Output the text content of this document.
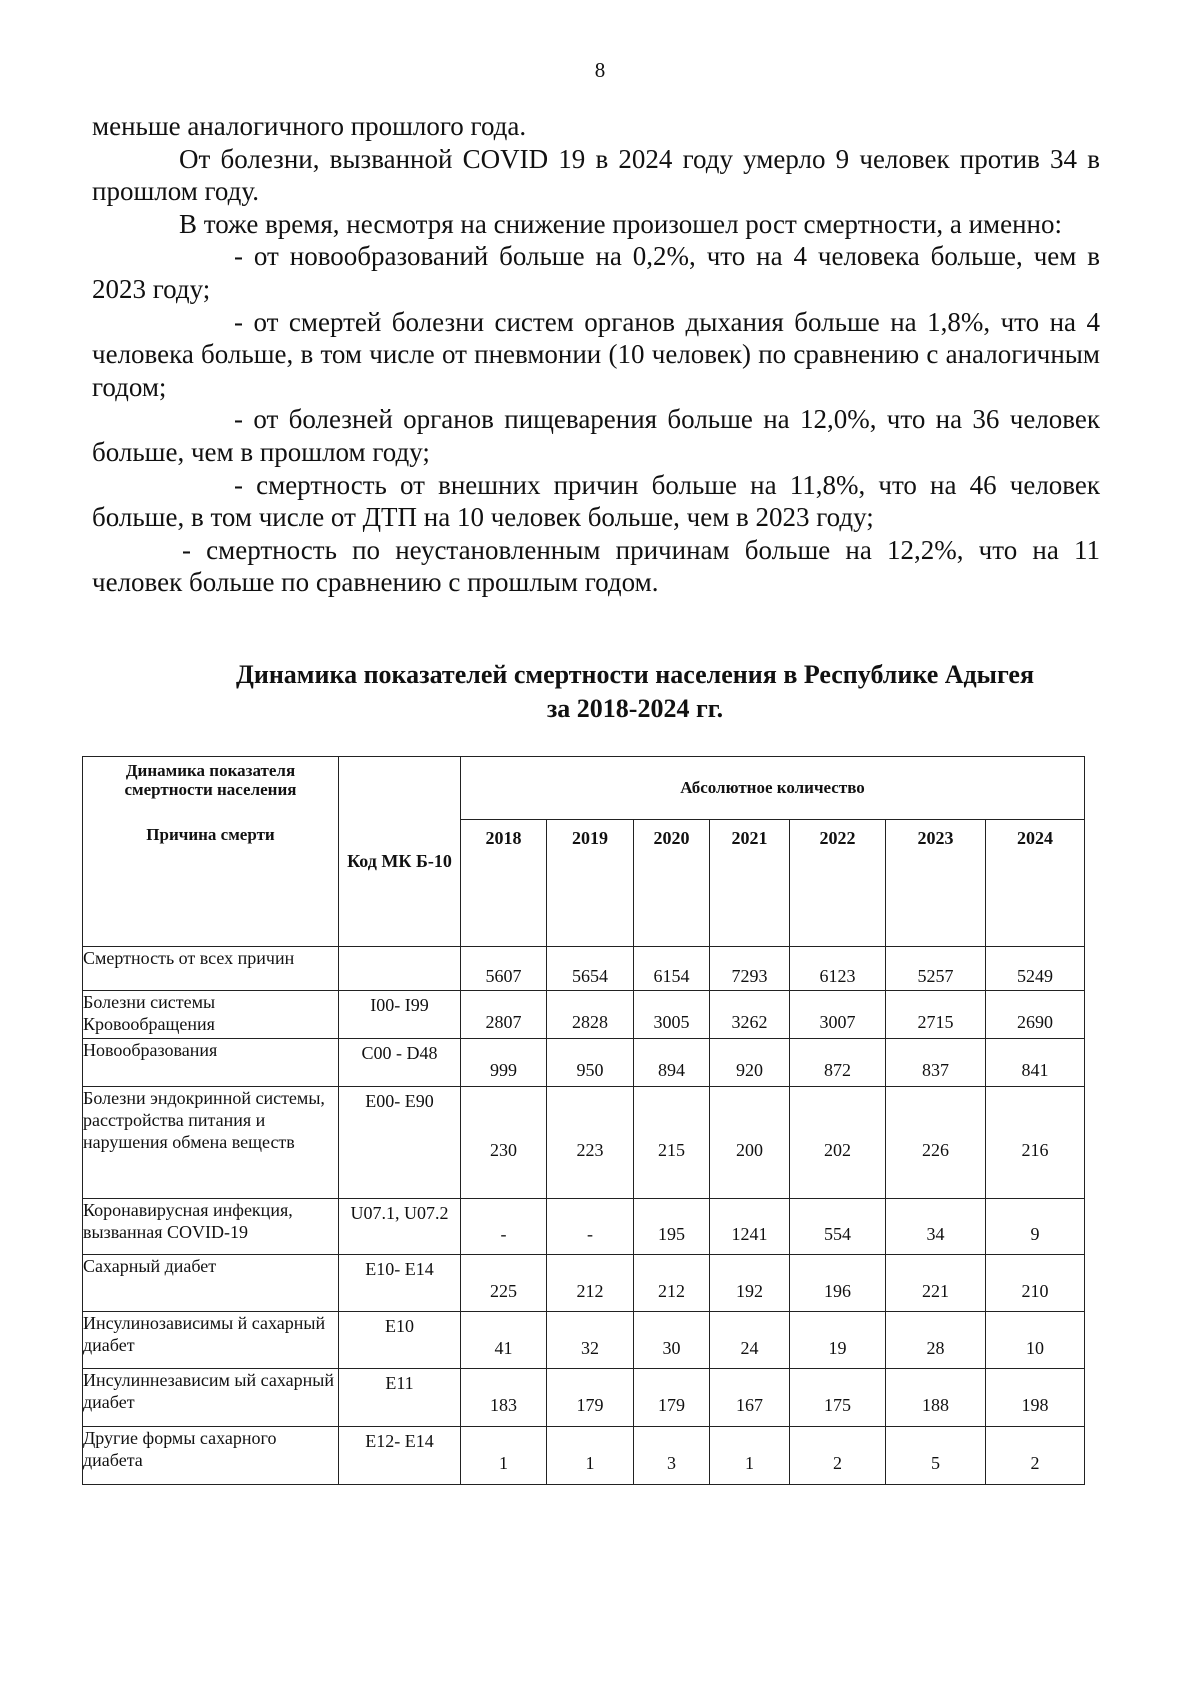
8

меньше аналогичного прошлого года.

От болезни, вызванной COVID 19 в 2024 году умерло 9 человек против 34 в прошлом году.

В тоже время, несмотря на снижение произошел рост смертности, а именно:

- от новообразований больше на 0,2%, что на 4 человека больше, чем в 2023 году;

- от смертей болезни систем органов дыхания больше на 1,8%, что на 4 человека больше, в том числе от пневмонии (10 человек) по сравнению с аналогичным годом;

- от болезней органов пищеварения больше на 12,0%, что на 36 человек больше, чем в прошлом году;

- смертность от внешних причин больше на 11,8%, что на 46 человек больше, в том числе от ДТП на 10 человек больше, чем в 2023 году;

- смертность по неустановленным причинам больше на 12,2%, что на 11 человек больше по сравнению с прошлым годом.

Динамика показателей смертности населения в Республике Адыгея
за 2018-2024 гг.
Динамика показателя смертности населения
Причина смерти	Код МК Б-10	Абсолютное количество						
		2018	2019	2020	2021	2022	2023	2024
Смертность от всех причин		5607	5654	6154	7293	6123	5257	5249
Болезни системы Кровообращения	I00- I99	2807	2828	3005	3262	3007	2715	2690
Новообразования	C00 - D48	999	950	894	920	872	837	841
Болезни эндокринной системы, расстройства питания и нарушения обмена веществ	E00- E90	230	223	215	200	202	226	216
Коронавирусная инфекция, вызванная COVID-19	U07.1, U07.2	-	-	195	1241	554	34	9
Сахарный диабет	E10- E14	225	212	212	192	196	221	210
Инсулинозависимы й сахарный диабет	E10	41	32	30	24	19	28	10
Инсулиннезависим ый сахарный диабет	E11	183	179	179	167	175	188	198
Другие формы сахарного диабета	E12- E14	1	1	3	1	2	5	2
